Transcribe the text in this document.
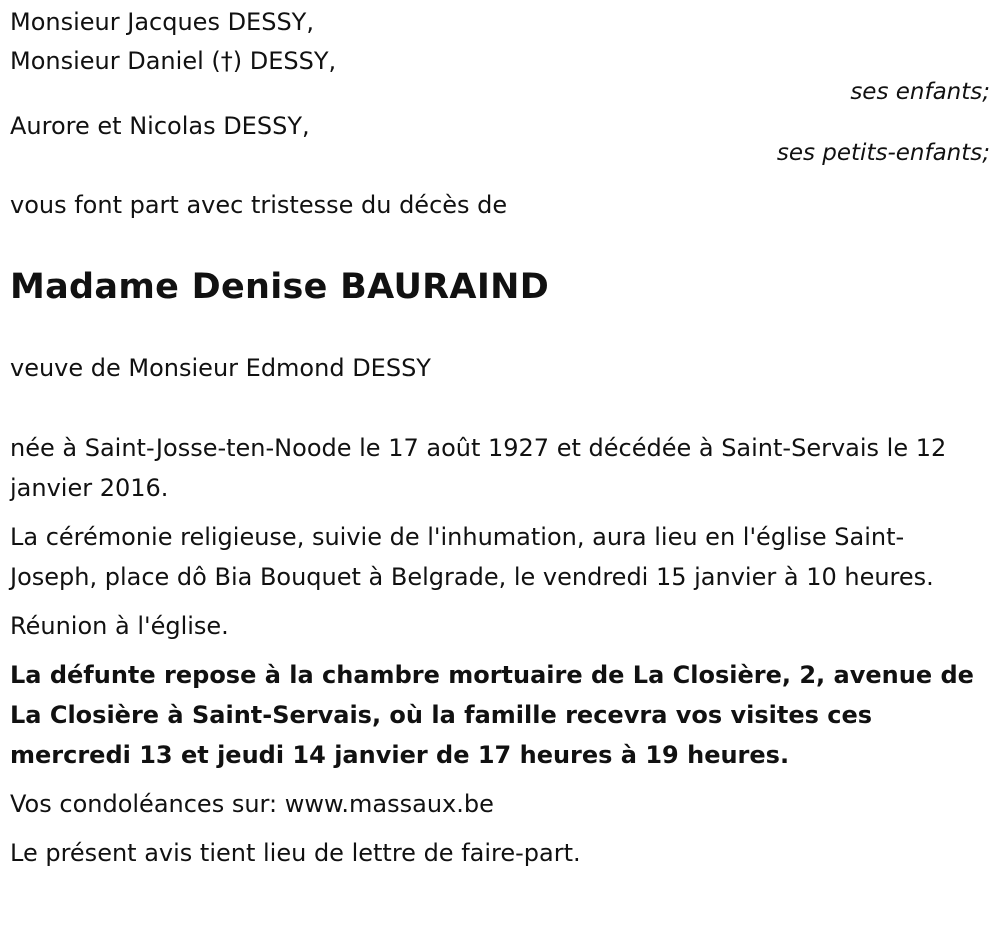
Monsieur Jacques DESSY,
Monsieur Daniel (†) DESSY,
ses enfants;
Aurore et Nicolas DESSY,
ses petits-enfants;
vous font part avec tristesse du décès de
Madame Denise BAURAIND
veuve de Monsieur Edmond DESSY

née à Saint-Josse-ten-Noode le 17 août 1927 et décédée à Saint-Servais le 12 janvier 2016.

La cérémonie religieuse, suivie de l'inhumation, aura lieu en l'église Saint-Joseph, place dô Bia Bouquet à Belgrade, le vendredi 15 janvier à 10 heures.

Réunion à l'église.

La défunte repose à la chambre mortuaire de La Closière, 2, avenue de La Closière à Saint-Servais, où la famille recevra vos visites ces mercredi 13 et jeudi 14 janvier de 17 heures à 19 heures.

Vos condoléances sur: www.massaux.be

Le présent avis tient lieu de lettre de faire-part.
